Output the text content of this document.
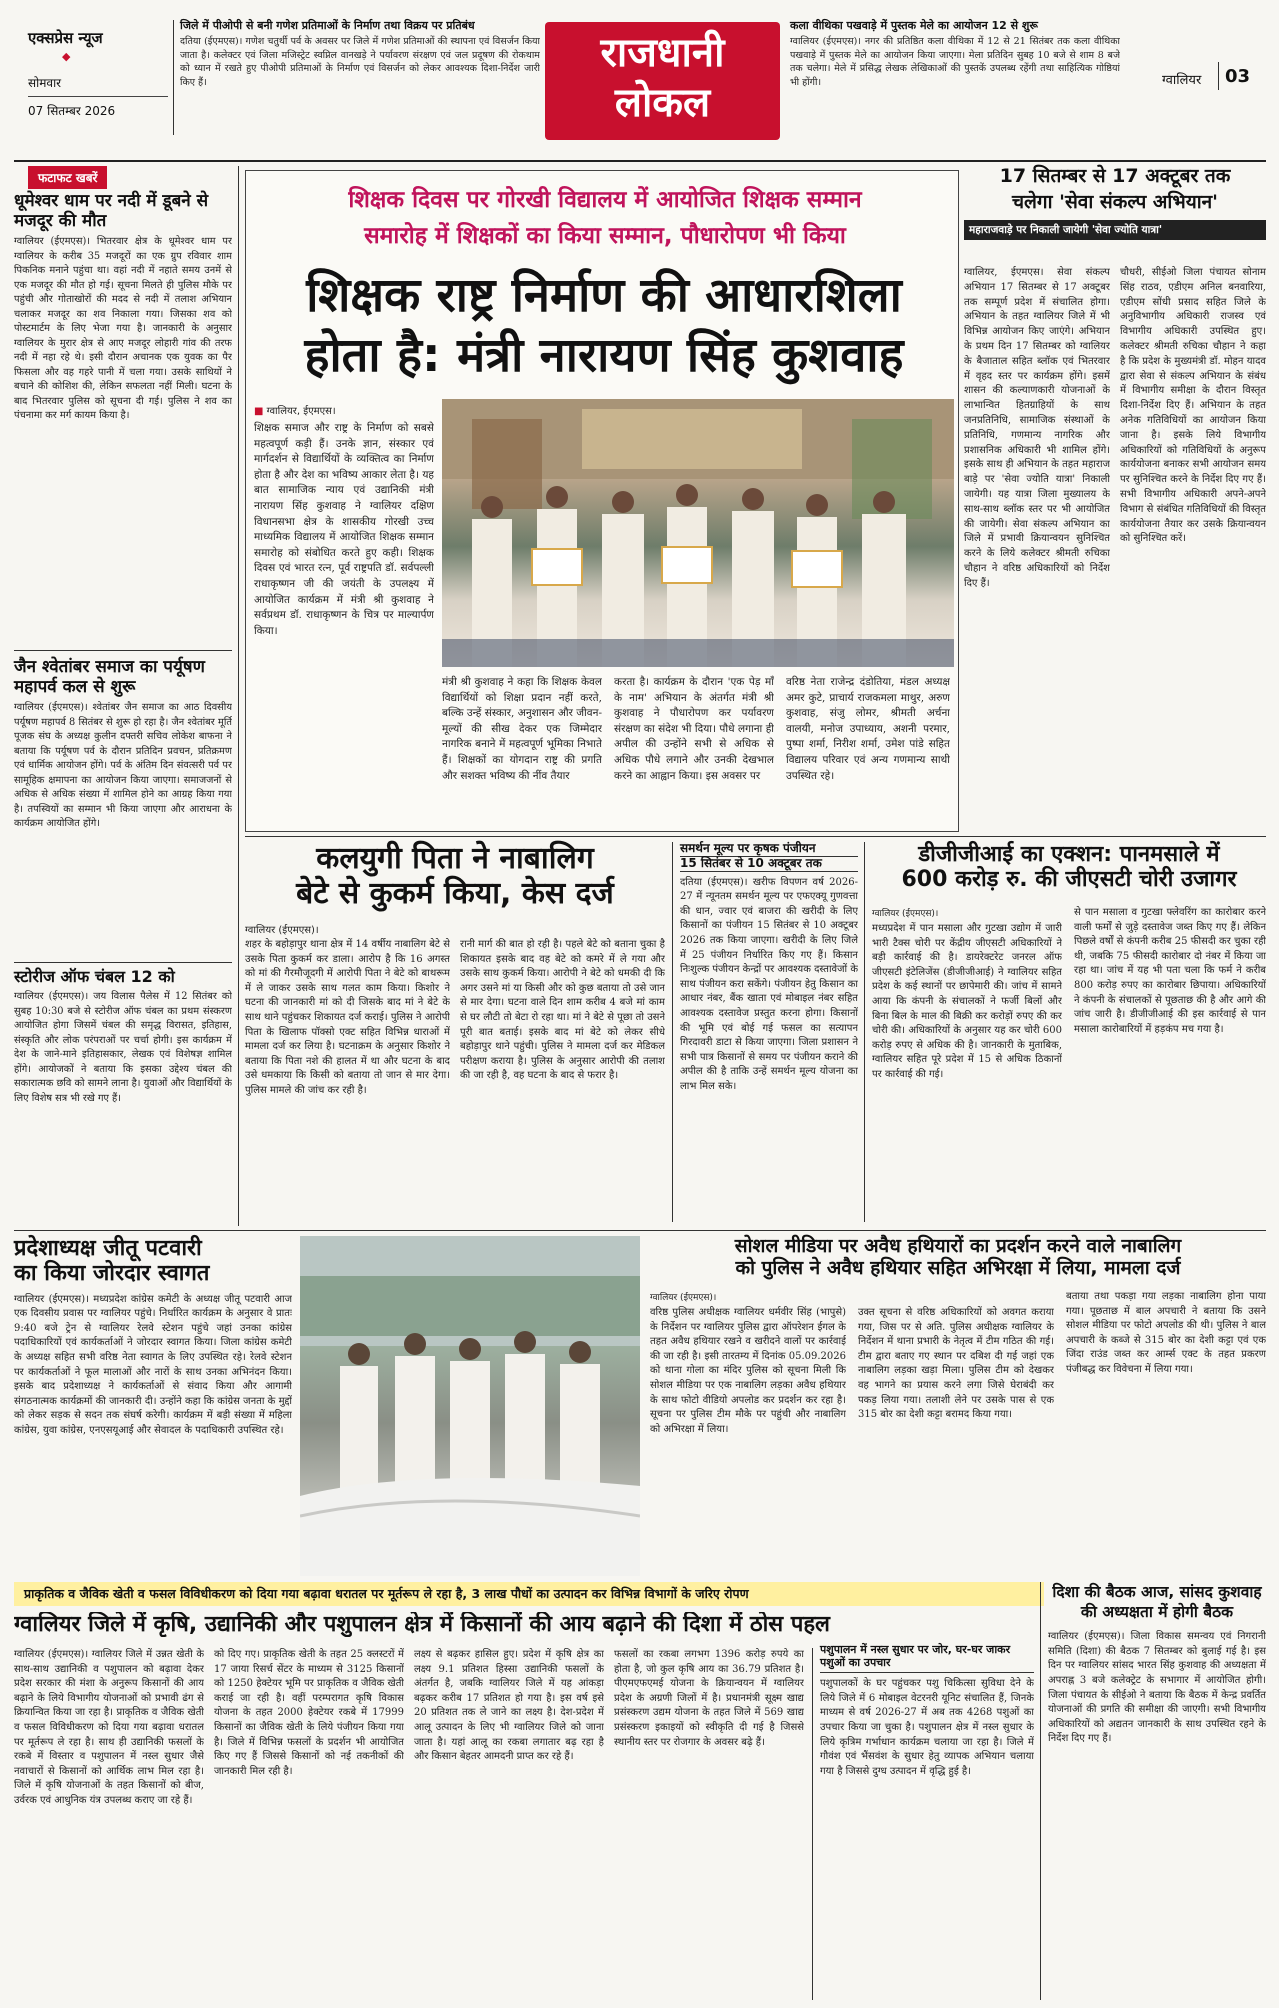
एक्सप्रेस न्यूज
◆
सोमवार
07 सितम्बर 2026
जिले में पीओपी से बनी गणेश प्रतिमाओं के निर्माण तथा विक्रय पर प्रतिबंध
दतिया (ईएमएस)। गणेश चतुर्थी पर्व के अवसर पर जिले में गणेश प्रतिमाओं की स्थापना एवं विसर्जन किया जाता है। कलेक्टर एवं जिला मजिस्ट्रेट स्वप्निल वानखड़े ने पर्यावरण संरक्षण एवं जल प्रदूषण की रोकथाम को ध्यान में रखते हुए पीओपी प्रतिमाओं के निर्माण एवं विसर्जन को लेकर आवश्यक दिशा-निर्देश जारी किए हैं।
राजधानी
लोकल
कला वीथिका पखवाड़े में पुस्तक मेले का आयोजन 12 से शुरू
ग्वालियर (ईएमएस)। नगर की प्रतिष्ठित कला वीथिका में 12 से 21 सितंबर तक कला वीथिका पखवाड़े में पुस्तक मेले का आयोजन किया जाएगा। मेला प्रतिदिन सुबह 10 बजे से शाम 8 बजे तक चलेगा। मेले में प्रसिद्ध लेखक लेखिकाओं की पुस्तकें उपलब्ध रहेंगी तथा साहित्यिक गोष्ठियां भी होंगी।	ग्वालियर 03
फटाफट खबरें
धूमेश्वर धाम पर नदी में डूबने से मजदूर की मौत
ग्वालियर (ईएमएस)। भितरवार क्षेत्र के धूमेश्वर धाम पर ग्वालियर के करीब 35 मजदूरों का एक ग्रुप रविवार शाम पिकनिक मनाने पहुंचा था। वहां नदी में नहाते समय उनमें से एक मजदूर की मौत हो गई। सूचना मिलते ही पुलिस मौके पर पहुंची और गोताखोरों की मदद से नदी में तलाश अभियान चलाकर मजदूर का शव निकाला गया। जिसका शव को पोस्टमार्टम के लिए भेजा गया है। जानकारी के अनुसार ग्वालियर के मुरार क्षेत्र से आए मजदूर लोहारी गांव की तरफ नदी में नहा रहे थे। इसी दौरान अचानक एक युवक का पैर फिसला और वह गहरे पानी में चला गया। उसके साथियों ने बचाने की कोशिश की, लेकिन सफलता नहीं मिली। घटना के बाद भितरवार पुलिस को सूचना दी गई। पुलिस ने शव का पंचनामा कर मर्ग कायम किया है।
जैन श्वेतांबर समाज का पर्यूषण महापर्व कल से शुरू
ग्वालियर (ईएमएस)। श्वेतांबर जैन समाज का आठ दिवसीय पर्यूषण महापर्व 8 सितंबर से शुरू हो रहा है। जैन श्वेतांबर मूर्ति पूजक संघ के अध्यक्ष कुलीन दफ्तरी सचिव लोकेश बाफना ने बताया कि पर्यूषण पर्व के दौरान प्रतिदिन प्रवचन, प्रतिक्रमण एवं धार्मिक आयोजन होंगे। पर्व के अंतिम दिन संवत्सरी पर्व पर सामूहिक क्षमापना का आयोजन किया जाएगा। समाजजनों से अधिक से अधिक संख्या में शामिल होने का आग्रह किया गया है। तपस्वियों का सम्मान भी किया जाएगा और आराधना के कार्यक्रम आयोजित होंगे।
स्टोरीज ऑफ चंबल 12 को
ग्वालियर (ईएमएस)। जय विलास पैलेस में 12 सितंबर को सुबह 10:30 बजे से स्टोरीज ऑफ चंबल का प्रथम संस्करण आयोजित होगा जिसमें चंबल की समृद्ध विरासत, इतिहास, संस्कृति और लोक परंपराओं पर चर्चा होगी। इस कार्यक्रम में देश के जाने-माने इतिहासकार, लेखक एवं विशेषज्ञ शामिल होंगे। आयोजकों ने बताया कि इसका उद्देश्य चंबल की सकारात्मक छवि को सामने लाना है। युवाओं और विद्यार्थियों के लिए विशेष सत्र भी रखे गए हैं।
शिक्षक दिवस पर गोरखी विद्यालय में आयोजित शिक्षक सम्मान
समारोह में शिक्षकों का किया सम्मान, पौधारोपण भी किया
शिक्षक राष्ट्र निर्माण की आधारशिला
होता है: मंत्री नारायण सिंह कुशवाह
■ ग्वालियर, ईएमएस।
शिक्षक समाज और राष्ट्र के निर्माण को सबसे महत्वपूर्ण कड़ी हैं। उनके ज्ञान, संस्कार एवं मार्गदर्शन से विद्यार्थियों के व्यक्तित्व का निर्माण होता है और देश का भविष्य आकार लेता है। यह बात सामाजिक न्याय एवं उद्यानिकी मंत्री नारायण सिंह कुशवाह ने ग्वालियर दक्षिण विधानसभा क्षेत्र के शासकीय गोरखी उच्च माध्यमिक विद्यालय में आयोजित शिक्षक सम्मान समारोह को संबोधित करते हुए कही। शिक्षक दिवस एवं भारत रत्न, पूर्व राष्ट्रपति डॉ. सर्वपल्ली राधाकृष्णन जी की जयंती के उपलक्ष्य में आयोजित कार्यक्रम में मंत्री श्री कुशवाह ने सर्वप्रथम डॉ. राधाकृष्णन के चित्र पर माल्यार्पण किया।
मंत्री श्री कुशवाह ने कहा कि शिक्षक केवल विद्यार्थियों को शिक्षा प्रदान नहीं करते, बल्कि उन्हें संस्कार, अनुशासन और जीवन-मूल्यों की सीख देकर एक जिम्मेदार नागरिक बनाने में महत्वपूर्ण भूमिका निभाते हैं। शिक्षकों का योगदान राष्ट्र की प्रगति और सशक्त भविष्य की नींव तैयार
करता है। कार्यक्रम के दौरान 'एक पेड़ माँ के नाम' अभियान के अंतर्गत मंत्री श्री कुशवाह ने पौधारोपण कर पर्यावरण संरक्षण का संदेश भी दिया। पौधे लगाना ही अपील की उन्होंने सभी से अधिक से अधिक पौधे लगाने और उनकी देखभाल करने का आह्वान किया। इस अवसर पर
वरिष्ठ नेता राजेन्द्र दंडोतिया, मंडल अध्यक्ष अमर कुटे, प्राचार्य राजकमला माथुर, अरुण कुशवाह, संजु लोमर, श्रीमती अर्चना वालयी, मनोज उपाध्याय, अशनी परमार, पुष्पा शर्मा, निरीश शर्मा, उमेश पांडे सहित विद्यालय परिवार एवं अन्य गणमान्य साथी उपस्थित रहे।
17 सितम्बर से 17 अक्टूबर तक
चलेगा 'सेवा संकल्प अभियान'
महाराजवाड़े पर निकाली जायेगी 'सेवा ज्योति यात्रा'
ग्वालियर, ईएमएस। सेवा संकल्प अभियान 17 सितम्बर से 17 अक्टूबर तक सम्पूर्ण प्रदेश में संचालित होगा। अभियान के तहत ग्वालियर जिले में भी विभिन्न आयोजन किए जाएंगे। अभियान के प्रथम दिन 17 सितम्बर को ग्वालियर के बैजाताल सहित ब्लॉक एवं भितरवार में वृहद स्तर पर कार्यक्रम होंगे। इसमें शासन की कल्याणकारी योजनाओं के लाभान्वित हितग्राहियों के साथ जनप्रतिनिधि, सामाजिक संस्थाओं के प्रतिनिधि, गणमान्य नागरिक और प्रशासनिक अधिकारी भी शामिल होंगे। इसके साथ ही अभियान के तहत महाराज बाड़े पर 'सेवा ज्योति यात्रा' निकाली जायेगी। यह यात्रा जिला मुख्यालय के साथ-साथ ब्लॉक स्तर पर भी आयोजित की जायेगी। सेवा संकल्प अभियान का जिले में प्रभावी क्रियान्वयन सुनिश्चित करने के लिये कलेक्टर श्रीमती रुचिका चौहान ने वरिष्ठ अधिकारियों को निर्देश दिए हैं।
चौधरी, सीईओ जिला पंचायत सोनाम सिंह राठव, एडीएम अनिल बनवारिया, एडीएम सोंधी प्रसाद सहित जिले के अनुविभागीय अधिकारी राजस्व एवं विभागीय अधिकारी उपस्थित हुए। कलेक्टर श्रीमती रुचिका चौहान ने कहा है कि प्रदेश के मुख्यमंत्री डॉ. मोहन यादव द्वारा सेवा से संकल्प अभियान के संबंध में विभागीय समीक्षा के दौरान विस्तृत दिशा-निर्देश दिए हैं। अभियान के तहत अनेक गतिविधियों का आयोजन किया जाना है। इसके लिये विभागीय अधिकारियों को गतिविधियों के अनुरूप कार्ययोजना बनाकर सभी आयोजन समय पर सुनिश्चित करने के निर्देश दिए गए हैं। सभी विभागीय अधिकारी अपने-अपने विभाग से संबंधित गतिविधियों की विस्तृत कार्ययोजना तैयार कर उसके क्रियान्वयन को सुनिश्चित करें।
कलयुगी पिता ने नाबालिग
बेटे से कुकर्म किया, केस दर्ज
ग्वालियर (ईएमएस)।
शहर के बहोड़ापुर थाना क्षेत्र में 14 वर्षीय नाबालिग बेटे से उसके पिता कुकर्म कर डाला। आरोप है कि 16 अगस्त को मां की गैरमौजूदगी में आरोपी पिता ने बेटे को बाथरूम में ले जाकर उसके साथ गलत काम किया। किशोर ने घटना की जानकारी मां को दी जिसके बाद मां ने बेटे के साथ थाने पहुंचकर शिकायत दर्ज कराई। पुलिस ने आरोपी पिता के खिलाफ पॉक्सो एक्ट सहित विभिन्न धाराओं में मामला दर्ज कर लिया है। घटनाक्रम के अनुसार किशोर ने बताया कि पिता नशे की हालत में था और घटना के बाद उसे धमकाया कि किसी को बताया तो जान से मार देगा। पुलिस मामले की जांच कर रही है।
रानी मार्ग की बात हो रही है। पहले बेटे को बताना चुका है शिकायत इसके बाद वह बेटे को कमरे में ले गया और उसके साथ कुकर्म किया। आरोपी ने बेटे को धमकी दी कि अगर उसने मां या किसी और को कुछ बताया तो उसे जान से मार देगा। घटना वाले दिन शाम करीब 4 बजे मां काम से घर लौटी तो बेटा रो रहा था। मां ने बेटे से पूछा तो उसने पूरी बात बताई। इसके बाद मां बेटे को लेकर सीधे बहोड़ापुर थाने पहुंची। पुलिस ने मामला दर्ज कर मेडिकल परीक्षण कराया है। पुलिस के अनुसार आरोपी की तलाश की जा रही है, वह घटना के बाद से फरार है।
समर्थन मूल्य पर कृषक पंजीयन
15 सितंबर से 10 अक्टूबर तक
दतिया (ईएमएस)। खरीफ विपणन वर्ष 2026-27 में न्यूनतम समर्थन मूल्य पर एफएक्यू गुणवत्ता की धान, ज्वार एवं बाजरा की खरीदी के लिए किसानों का पंजीयन 15 सितंबर से 10 अक्टूबर 2026 तक किया जाएगा। खरीदी के लिए जिले में 25 पंजीयन निर्धारित किए गए हैं। किसान निःशुल्क पंजीयन केन्द्रों पर आवश्यक दस्तावेजों के साथ पंजीयन करा सकेंगे। पंजीयन हेतु किसान का आधार नंबर, बैंक खाता एवं मोबाइल नंबर सहित आवश्यक दस्तावेज प्रस्तुत करना होगा। किसानों की भूमि एवं बोई गई फसल का सत्यापन गिरदावरी डाटा से किया जाएगा। जिला प्रशासन ने सभी पात्र किसानों से समय पर पंजीयन कराने की अपील की है ताकि उन्हें समर्थन मूल्य योजना का लाभ मिल सके।
डीजीजीआई का एक्शन: पानमसाले में
600 करोड़ रु. की जीएसटी चोरी उजागर
ग्वालियर (ईएमएस)।
मध्यप्रदेश में पान मसाला और गुटखा उद्योग में जारी भारी टैक्स चोरी पर केंद्रीय जीएसटी अधिकारियों ने बड़ी कार्रवाई की है। डायरेक्टरेट जनरल ऑफ जीएसटी इंटेलिजेंस (डीजीजीआई) ने ग्वालियर सहित प्रदेश के कई स्थानों पर छापेमारी की। जांच में सामने आया कि कंपनी के संचालकों ने फर्जी बिलों और बिना बिल के माल की बिक्री कर करोड़ों रुपए की कर चोरी की। अधिकारियों के अनुसार यह कर चोरी 600 करोड़ रुपए से अधिक की है। जानकारी के मुताबिक, ग्वालियर सहित पूरे प्रदेश में 15 से अधिक ठिकानों पर कार्रवाई की गई।
से पान मसाला व गुटखा फ्लेवरिंग का कारोबार करने वाली फर्मों से जुड़े दस्तावेज जब्त किए गए हैं। लेकिन पिछले वर्षों से कंपनी करीब 25 फीसदी कर चुका रही थी, जबकि 75 फीसदी कारोबार दो नंबर में किया जा रहा था। जांच में यह भी पता चला कि फर्म ने करीब 800 करोड़ रुपए का कारोबार छिपाया। अधिकारियों ने कंपनी के संचालकों से पूछताछ की है और आगे की जांच जारी है। डीजीजीआई की इस कार्रवाई से पान मसाला कारोबारियों में हड़कंप मच गया है।
प्रदेशाध्यक्ष जीतू पटवारी
का किया जोरदार स्वागत
ग्वालियर (ईएमएस)। मध्यप्रदेश कांग्रेस कमेटी के अध्यक्ष जीतू पटवारी आज एक दिवसीय प्रवास पर ग्वालियर पहुंचे। निर्धारित कार्यक्रम के अनुसार वे प्रातः 9:40 बजे ट्रेन से ग्वालियर रेलवे स्टेशन पहुंचे जहां उनका कांग्रेस पदाधिकारियों एवं कार्यकर्ताओं ने जोरदार स्वागत किया। जिला कांग्रेस कमेटी के अध्यक्ष सहित सभी वरिष्ठ नेता स्वागत के लिए उपस्थित रहे। रेलवे स्टेशन पर कार्यकर्ताओं ने फूल मालाओं और नारों के साथ उनका अभिनंदन किया। इसके बाद प्रदेशाध्यक्ष ने कार्यकर्ताओं से संवाद किया और आगामी संगठनात्मक कार्यक्रमों की जानकारी दी। उन्होंने कहा कि कांग्रेस जनता के मुद्दों को लेकर सड़क से सदन तक संघर्ष करेगी। कार्यक्रम में बड़ी संख्या में महिला कांग्रेस, युवा कांग्रेस, एनएसयूआई और सेवादल के पदाधिकारी उपस्थित रहे।
सोशल मीडिया पर अवैध हथियारों का प्रदर्शन करने वाले नाबालिग
को पुलिस ने अवैध हथियार सहित अभिरक्षा में लिया, मामला दर्ज
ग्वालियर (ईएमएस)।
वरिष्ठ पुलिस अधीक्षक ग्वालियर धर्मवीर सिंह (भापुसे) के निर्देशन पर ग्वालियर पुलिस द्वारा ऑपरेशन ईगल के तहत अवैध हथियार रखने व खरीदने वालों पर कार्रवाई की जा रही है। इसी तारतम्य में दिनांक 05.09.2026 को थाना गोला का मंदिर पुलिस को सूचना मिली कि सोशल मीडिया पर एक नाबालिग लड़का अवैध हथियार के साथ फोटो वीडियो अपलोड कर प्रदर्शन कर रहा है। सूचना पर पुलिस टीम मौके पर पहुंची और नाबालिग को अभिरक्षा में लिया।
उक्त सूचना से वरिष्ठ अधिकारियों को अवगत कराया गया, जिस पर से अति. पुलिस अधीक्षक ग्वालियर के निर्देशन में थाना प्रभारी के नेतृत्व में टीम गठित की गई। टीम द्वारा बताए गए स्थान पर दबिश दी गई जहां एक नाबालिग लड़का खड़ा मिला। पुलिस टीम को देखकर वह भागने का प्रयास करने लगा जिसे घेराबंदी कर पकड़ लिया गया। तलाशी लेने पर उसके पास से एक 315 बोर का देशी कट्टा बरामद किया गया।
बताया तथा पकड़ा गया लड़का नाबालिग होना पाया गया। पूछताछ में बाल अपचारी ने बताया कि उसने सोशल मीडिया पर फोटो अपलोड की थी। पुलिस ने बाल अपचारी के कब्जे से 315 बोर का देशी कट्टा एवं एक जिंदा राउंड जब्त कर आर्म्स एक्ट के तहत प्रकरण पंजीबद्ध कर विवेचना में लिया गया।
प्राकृतिक व जैविक खेती व फसल विविधीकरण को दिया गया बढ़ावा धरातल पर मूर्तरूप ले रहा है, 3 लाख पौधों का उत्पादन कर विभिन्न विभागों के जरिए रोपण
ग्वालियर जिले में कृषि, उद्यानिकी और पशुपालन क्षेत्र में किसानों की आय बढ़ाने की दिशा में ठोस पहल
ग्वालियर (ईएमएस)। ग्वालियर जिले में उन्नत खेती के साथ-साथ उद्यानिकी व पशुपालन को बढ़ावा देकर प्रदेश सरकार की मंशा के अनुरूप किसानों की आय बढ़ाने के लिये विभागीय योजनाओं को प्रभावी ढंग से क्रियान्वित किया जा रहा है। प्राकृतिक व जैविक खेती व फसल विविधीकरण को दिया गया बढ़ावा धरातल पर मूर्तरूप ले रहा है। साथ ही उद्यानिकी फसलों के रकबे में विस्तार व पशुपालन में नस्ल सुधार जैसे नवाचारों से किसानों को आर्थिक लाभ मिल रहा है। जिले में कृषि योजनाओं के तहत किसानों को बीज, उर्वरक एवं आधुनिक यंत्र उपलब्ध कराए जा रहे हैं।
को दिए गए। प्राकृतिक खेती के तहत 25 क्लस्टरों में 17 जाया रिसर्च सेंटर के माध्यम से 3125 किसानों को 1250 हेक्टेयर भूमि पर प्राकृतिक व जैविक खेती कराई जा रही है। वहीं परम्परागत कृषि विकास योजना के तहत 2000 हेक्टेयर रकबे में 17999 किसानों का जैविक खेती के लिये पंजीयन किया गया है। जिले में विभिन्न फसलों के प्रदर्शन भी आयोजित किए गए हैं जिससे किसानों को नई तकनीकों की जानकारी मिल रही है।
लक्ष्य से बढ़कर हासिल हुए। प्रदेश में कृषि क्षेत्र का लक्ष्य 9.1 प्रतिशत हिस्सा उद्यानिकी फसलों के अंतर्गत है, जबकि ग्वालियर जिले में यह आंकड़ा बढ़कर करीब 17 प्रतिशत हो गया है। इस वर्ष इसे 20 प्रतिशत तक ले जाने का लक्ष्य है। देश-प्रदेश में आलू उत्पादन के लिए भी ग्वालियर जिले को जाना जाता है। यहां आलू का रकबा लगातार बढ़ रहा है और किसान बेहतर आमदनी प्राप्त कर रहे हैं।
फसलों का रकबा लगभग 1396 करोड़ रुपये का होता है, जो कुल कृषि आय का 36.79 प्रतिशत है। पीएमएफएमई योजना के क्रियान्वयन में ग्वालियर प्रदेश के अग्रणी जिलों में है। प्रधानमंत्री सूक्ष्म खाद्य प्रसंस्करण उद्यम योजना के तहत जिले में 569 खाद्य प्रसंस्करण इकाइयों को स्वीकृति दी गई है जिससे स्थानीय स्तर पर रोजगार के अवसर बढ़े हैं।
पशुपालन में नस्ल सुधार पर जोर, घर-घर जाकर पशुओं का उपचार
पशुपालकों के घर पहुंचकर पशु चिकित्सा सुविधा देने के लिये जिले में 6 मोबाइल वेटरनरी यूनिट संचालित हैं, जिनके माध्यम से वर्ष 2026-27 में अब तक 4268 पशुओं का उपचार किया जा चुका है। पशुपालन क्षेत्र में नस्ल सुधार के लिये कृत्रिम गर्भाधान कार्यक्रम चलाया जा रहा है। जिले में गौवंश एवं भैंसवंश के सुधार हेतु व्यापक अभियान चलाया गया है जिससे दुग्ध उत्पादन में वृद्धि हुई है।
दिशा की बैठक आज, सांसद कुशवाह की अध्यक्षता में होगी बैठक
ग्वालियर (ईएमएस)। जिला विकास समन्वय एवं निगरानी समिति (दिशा) की बैठक 7 सितम्बर को बुलाई गई है। इस दिन पर ग्वालियर सांसद भारत सिंह कुशवाह की अध्यक्षता में अपराह्न 3 बजे कलेक्ट्रेट के सभागार में आयोजित होगी। जिला पंचायत के सीईओ ने बताया कि बैठक में केन्द्र प्रवर्तित योजनाओं की प्रगति की समीक्षा की जाएगी। सभी विभागीय अधिकारियों को अद्यतन जानकारी के साथ उपस्थित रहने के निर्देश दिए गए हैं।
